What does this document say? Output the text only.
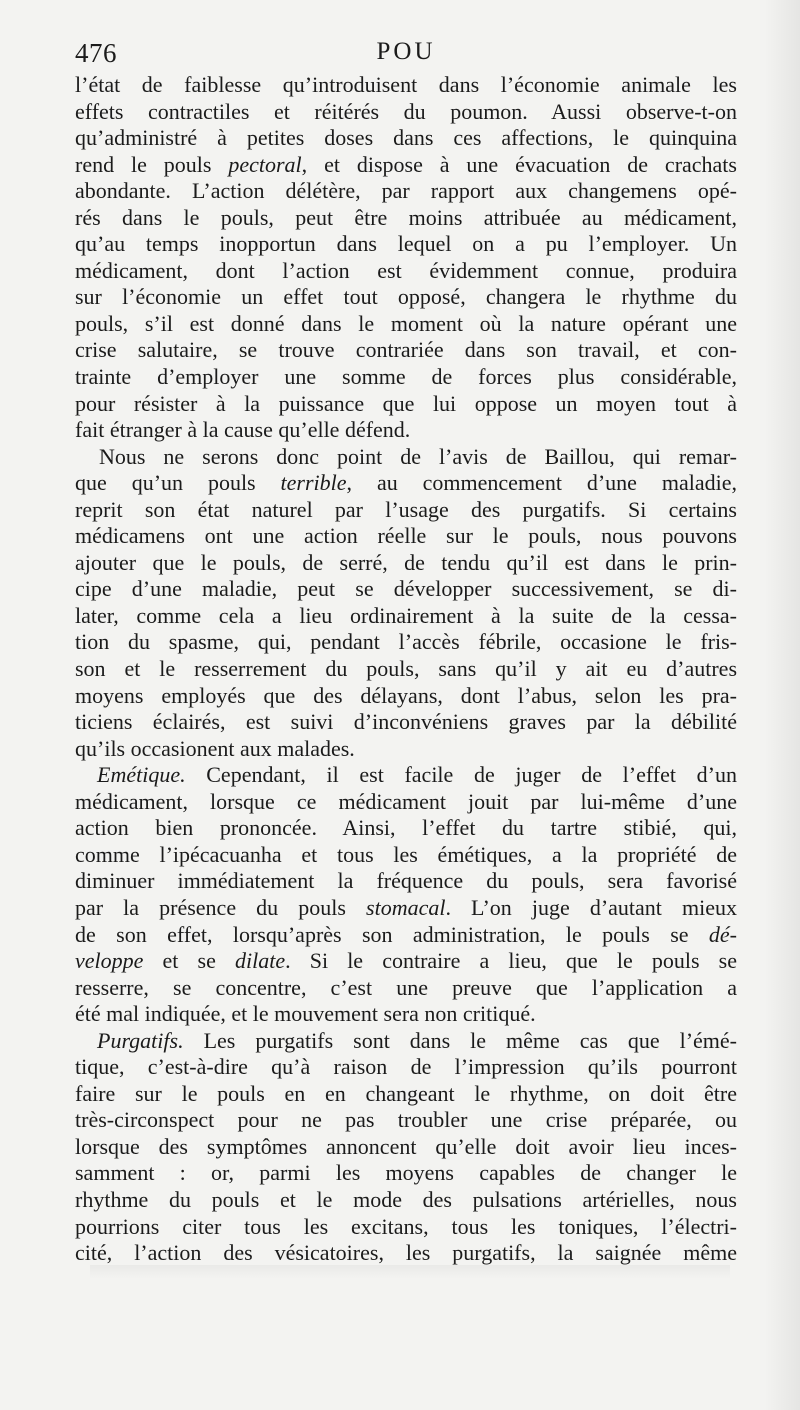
476	POU
l’état de faiblesse qu’introduisent dans l’économie animale les
effets contractiles et réitérés du poumon. Aussi observe-t-on
qu’administré à petites doses dans ces affections, le quinquina
rend le pouls pectoral, et dispose à une évacuation de crachats
abondante. L’action délétère, par rapport aux changemens opé-
rés dans le pouls, peut être moins attribuée au médicament,
qu’au temps inopportun dans lequel on a pu l’employer. Un
médicament, dont l’action est évidemment connue, produira
sur l’économie un effet tout opposé, changera le rhythme du
pouls, s’il est donné dans le moment où la nature opérant une
crise salutaire, se trouve contrariée dans son travail, et con-
trainte d’employer une somme de forces plus considérable,
pour résister à la puissance que lui oppose un moyen tout à
fait étranger à la cause qu’elle défend.
Nous ne serons donc point de l’avis de Baillou, qui remar-
que qu’un pouls terrible, au commencement d’une maladie,
reprit son état naturel par l’usage des purgatifs. Si certains
médicamens ont une action réelle sur le pouls, nous pouvons
ajouter que le pouls, de serré, de tendu qu’il est dans le prin-
cipe d’une maladie, peut se développer successivement, se di-
later, comme cela a lieu ordinairement à la suite de la cessa-
tion du spasme, qui, pendant l’accès fébrile, occasione le fris-
son et le resserrement du pouls, sans qu’il y ait eu d’autres
moyens employés que des délayans, dont l’abus, selon les pra-
ticiens éclairés, est suivi d’inconvéniens graves par la débilité
qu’ils occasionent aux malades.
Emétique. Cependant, il est facile de juger de l’effet d’un
médicament, lorsque ce médicament jouit par lui-même d’une
action bien prononcée. Ainsi, l’effet du tartre stibié, qui,
comme l’ipécacuanha et tous les émétiques, a la propriété de
diminuer immédiatement la fréquence du pouls, sera favorisé
par la présence du pouls stomacal. L’on juge d’autant mieux
de son effet, lorsqu’après son administration, le pouls se dé-
veloppe et se dilate. Si le contraire a lieu, que le pouls se
resserre, se concentre, c’est une preuve que l’application a
été mal indiquée, et le mouvement sera non critiqué.
Purgatifs. Les purgatifs sont dans le même cas que l’émé-
tique, c’est-à-dire qu’à raison de l’impression qu’ils pourront
faire sur le pouls en en changeant le rhythme, on doit être
très-circonspect pour ne pas troubler une crise préparée, ou
lorsque des symptômes annoncent qu’elle doit avoir lieu inces-
samment : or, parmi les moyens capables de changer le
rhythme du pouls et le mode des pulsations artérielles, nous
pourrions citer tous les excitans, tous les toniques, l’électri-
cité, l’action des vésicatoires, les purgatifs, la saignée même
